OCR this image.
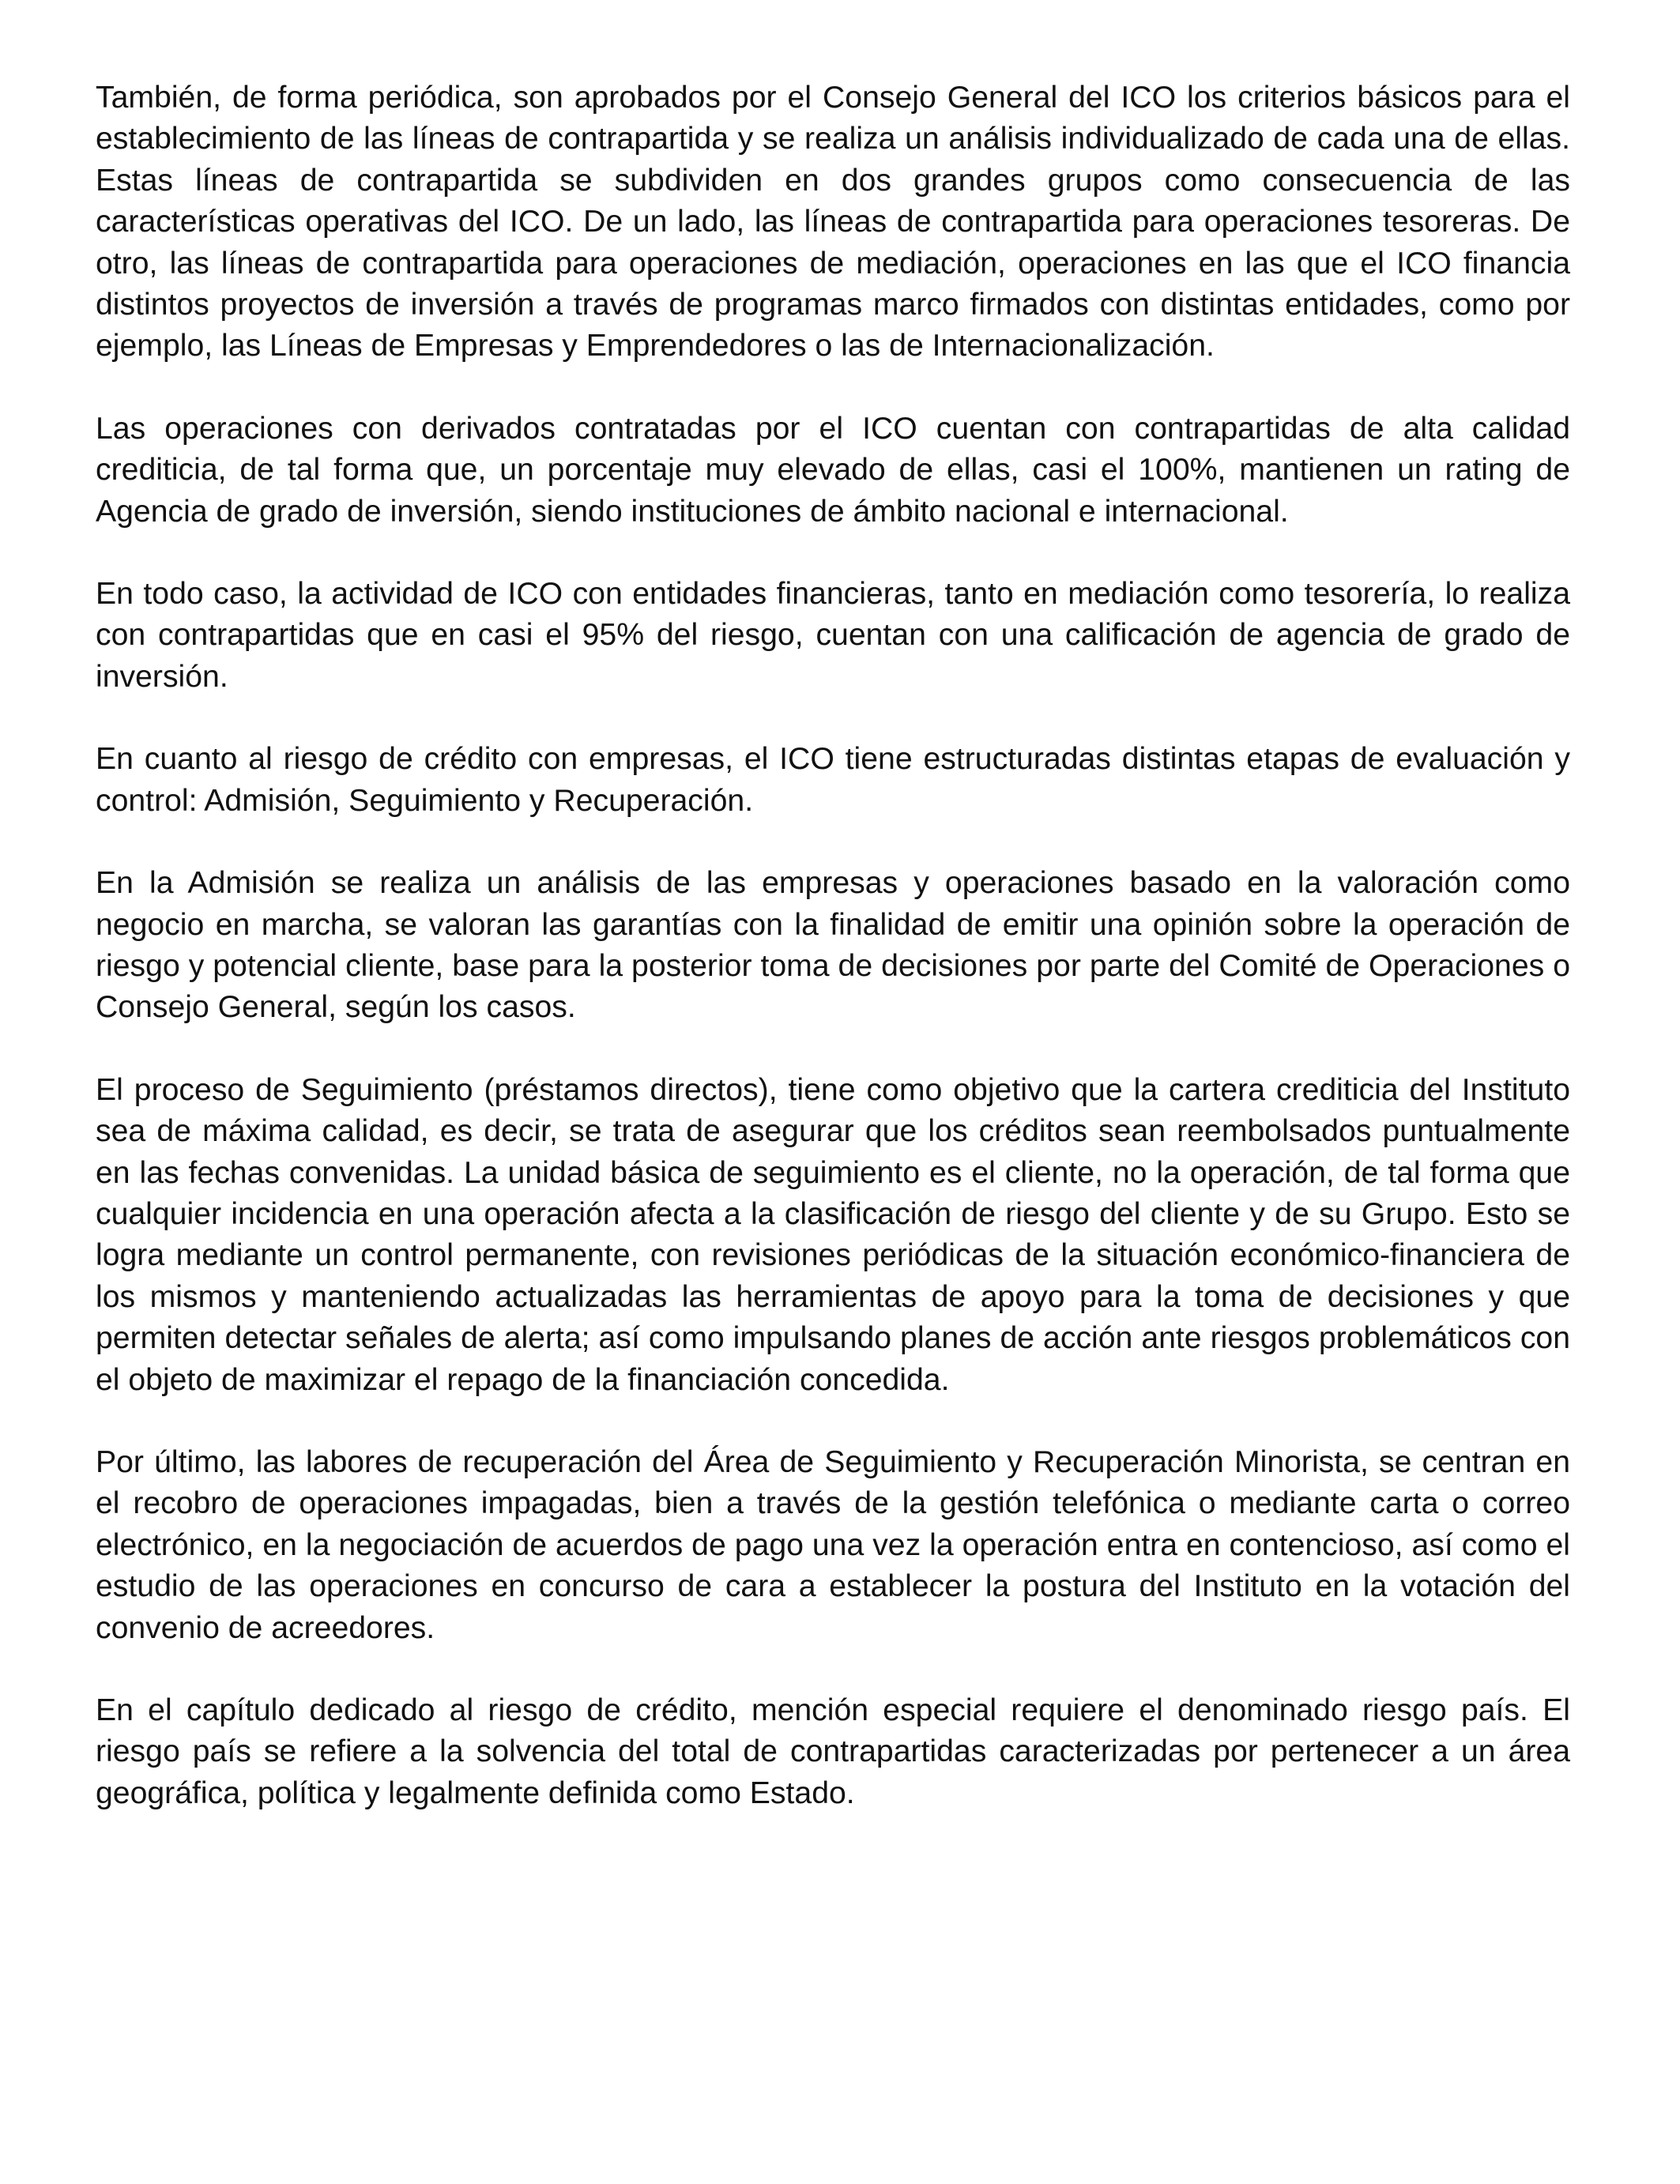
También, de forma periódica, son aprobados por el Consejo General del ICO los criterios básicos para el establecimiento de las líneas de contrapartida y se realiza un análisis individualizado de cada una de ellas. Estas líneas de contrapartida se subdividen en dos grandes grupos como consecuencia de las características operativas del ICO. De un lado, las líneas de contrapartida para operaciones tesoreras. De otro, las líneas de contrapartida para operaciones de mediación, operaciones en las que el ICO financia distintos proyectos de inversión a través de programas marco firmados con distintas entidades, como por ejemplo, las Líneas de Empresas y Emprendedores o las de Internacionalización.

Las operaciones con derivados contratadas por el ICO cuentan con contrapartidas de alta calidad crediticia, de tal forma que, un porcentaje muy elevado de ellas, casi el 100%, mantienen un rating de Agencia de grado de inversión, siendo instituciones de ámbito nacional e internacional.

En todo caso, la actividad de ICO con entidades financieras, tanto en mediación como tesorería, lo realiza con contrapartidas que en casi el 95% del riesgo, cuentan con una calificación de agencia de grado de inversión.

En cuanto al riesgo de crédito con empresas, el ICO tiene estructuradas distintas etapas de evaluación y control: Admisión, Seguimiento y Recuperación.

En la Admisión se realiza un análisis de las empresas y operaciones basado en la valoración como negocio en marcha, se valoran las garantías con la finalidad de emitir una opinión sobre la operación de riesgo y potencial cliente, base para la posterior toma de decisiones por parte del Comité de Operaciones o Consejo General, según los casos.

El proceso de Seguimiento (préstamos directos), tiene como objetivo que la cartera crediticia del Instituto sea de máxima calidad, es decir, se trata de asegurar que los créditos sean reembolsados puntualmente en las fechas convenidas. La unidad básica de seguimiento es el cliente, no la operación, de tal forma que cualquier incidencia en una operación afecta a la clasificación de riesgo del cliente y de su Grupo. Esto se logra mediante un control permanente, con revisiones periódicas de la situación económico-financiera de los mismos y manteniendo actualizadas las herramientas de apoyo para la toma de decisiones y que permiten detectar señales de alerta; así como impulsando planes de acción ante riesgos problemáticos con el objeto de maximizar el repago de la financiación concedida.

Por último, las labores de recuperación del Área de Seguimiento y Recuperación Minorista, se centran en el recobro de operaciones impagadas, bien a través de la gestión telefónica o mediante carta o correo electrónico, en la negociación de acuerdos de pago una vez la operación entra en contencioso, así como el estudio de las operaciones en concurso de cara a establecer la postura del Instituto en la votación del convenio de acreedores.

En el capítulo dedicado al riesgo de crédito, mención especial requiere el denominado riesgo país. El riesgo país se refiere a la solvencia del total de contrapartidas caracterizadas por pertenecer a un área geográfica, política y legalmente definida como Estado.
